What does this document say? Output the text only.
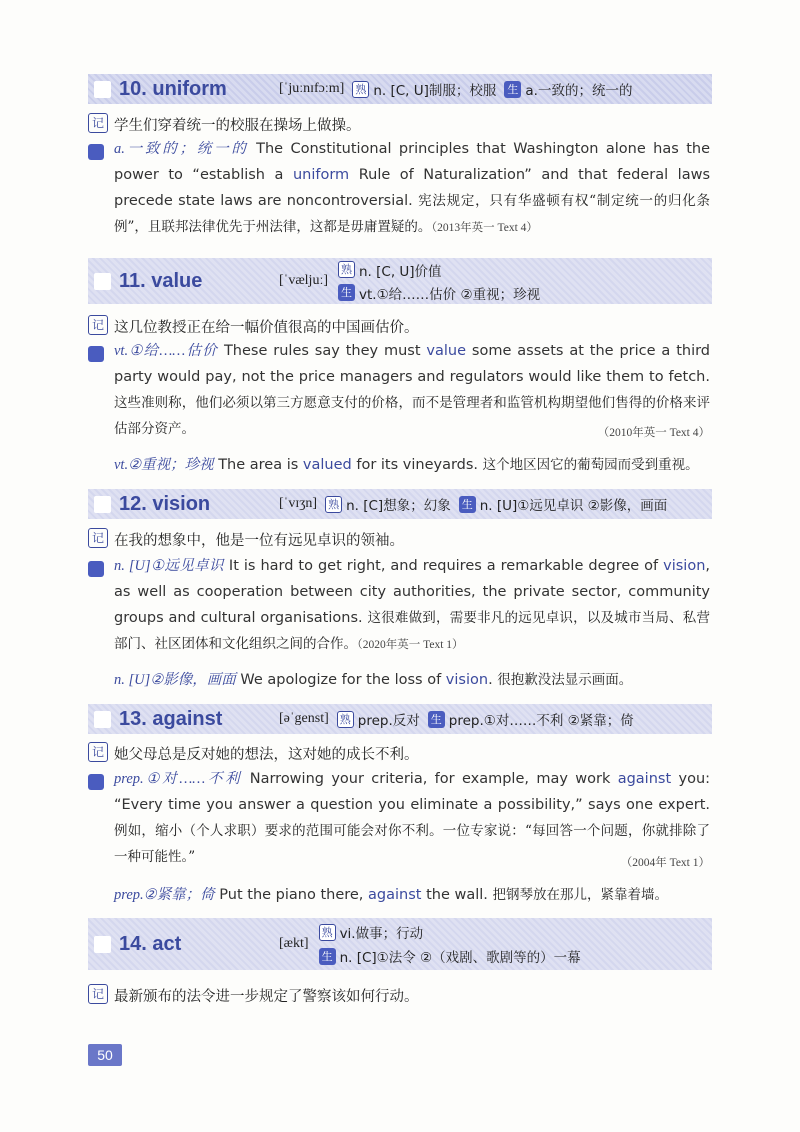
10. uniform	[ˈjuːnɪfɔːm] 熟 n. [C, U]制服；校服 生 a.一致的；统一的
记 学生们穿着统一的校服在操场上做操。
a.一致的；统一的 The Constitutional principles that Washington alone has the power to “establish a uniform Rule of Naturalization” and that federal laws precede state laws are noncontroversial. 宪法规定，只有华盛顿有权“制定统一的归化条例”，且联邦法律优先于州法律，这都是毋庸置疑的。（2013年英一 Text 4）
11. value	[ˈvæljuː]
熟 n. [C, U]价值
生 vt.①给……估价 ②重视；珍视
记 这几位教授正在给一幅价值很高的中国画估价。
vt.①给……估价 These rules say they must value some assets at the price a third party would pay, not the price managers and regulators would like them to fetch. 这些准则称，他们必须以第三方愿意支付的价格，而不是管理者和监管机构期望他们售得的价格来评估部分资产。	（2010年英一 Text 4）
vt.②重视；珍视 The area is valued for its vineyards. 这个地区因它的葡萄园而受到重视。
12. vision	[ˈvɪʒn] 熟 n. [C]想象；幻象 生 n. [U]①远见卓识 ②影像，画面
记 在我的想象中，他是一位有远见卓识的领袖。
n. [U]①远见卓识 It is hard to get right, and requires a remarkable degree of vision, as well as cooperation between city authorities, the private sector, community groups and cultural organisations. 这很难做到，需要非凡的远见卓识，以及城市当局、私营部门、社区团体和文化组织之间的合作。（2020年英一 Text 1）
n. [U]②影像，画面 We apologize for the loss of vision. 很抱歉没法显示画面。
13. against	[əˈgenst] 熟 prep.反对 生 prep.①对……不利 ②紧靠；倚
记 她父母总是反对她的想法，这对她的成长不利。
prep.①对……不利 Narrowing your criteria, for example, may work against you: “Every time you answer a question you eliminate a possibility,” says one expert. 例如，缩小（个人求职）要求的范围可能会对你不利。一位专家说：“每回答一个问题，你就排除了一种可能性。”	（2004年 Text 1）
prep.②紧靠；倚 Put the piano there, against the wall. 把钢琴放在那儿，紧靠着墙。
14. act	[ækt]
熟 vi.做事；行动
生 n. [C]①法令 ②（戏剧、歌剧等的）一幕
记 最新颁布的法令进一步规定了警察该如何行动。
50
